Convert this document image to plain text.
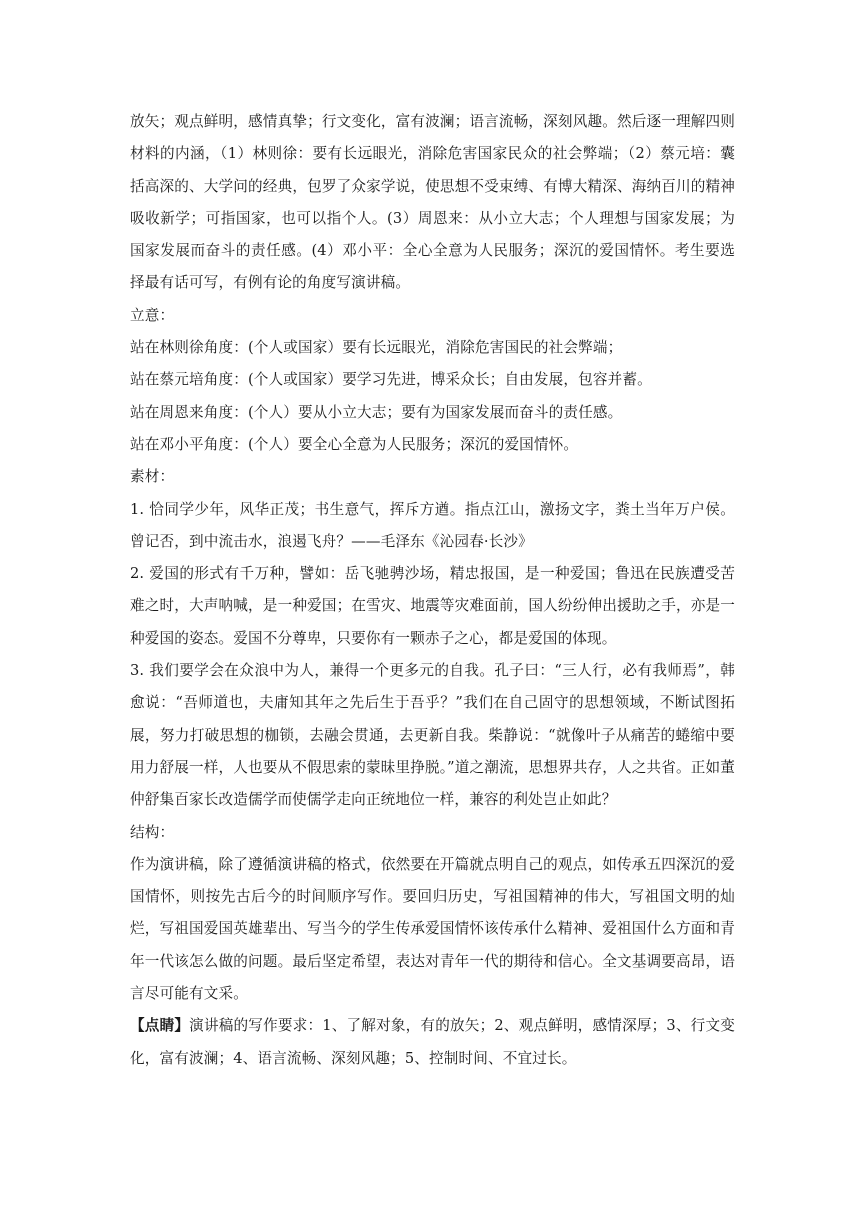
放矢；观点鲜明，感情真挚；行文变化，富有波澜；语言流畅，深刻风趣。然后逐一理解四则材料的内涵，（1）林则徐：要有长远眼光，消除危害国家民众的社会弊端；（2）蔡元培：囊括高深的、大学问的经典，包罗了众家学说，使思想不受束缚、有博大精深、海纳百川的精神吸收新学；可指国家，也可以指个人。(3）周恩来：从小立大志；个人理想与国家发展；为国家发展而奋斗的责任感。(4）邓小平：全心全意为人民服务；深沉的爱国情怀。考生要选择最有话可写，有例有论的角度写演讲稿。

立意：

站在林则徐角度：(个人或国家）要有长远眼光，消除危害国民的社会弊端；

站在蔡元培角度：(个人或国家）要学习先进，博采众长；自由发展，包容并蓄。

站在周恩来角度：(个人）要从小立大志；要有为国家发展而奋斗的责任感。

站在邓小平角度：(个人）要全心全意为人民服务；深沉的爱国情怀。

素材：

1. 恰同学少年，风华正茂；书生意气，挥斥方遒。指点江山，激扬文字，粪土当年万户侯。曾记否，到中流击水，浪遏飞舟？——毛泽东《沁园春·长沙》

2. 爱国的形式有千万种，譬如：岳飞驰骋沙场，精忠报国，是一种爱国；鲁迅在民族遭受苦难之时，大声呐喊，是一种爱国；在雪灾、地震等灾难面前，国人纷纷伸出援助之手，亦是一种爱国的姿态。爱国不分尊卑，只要你有一颗赤子之心，都是爱国的体现。

3. 我们要学会在众浪中为人，兼得一个更多元的自我。孔子曰：“三人行，必有我师焉”，韩愈说：“吾师道也，夫庸知其年之先后生于吾乎？”我们在自己固守的思想领域，不断试图拓展，努力打破思想的枷锁，去融会贯通，去更新自我。柴静说：“就像叶子从痛苦的蜷缩中要用力舒展一样，人也要从不假思索的蒙昧里挣脱。”道之潮流，思想界共存，人之共省。正如董仲舒集百家长改造儒学而使儒学走向正统地位一样，兼容的利处岂止如此？

结构：

作为演讲稿，除了遵循演讲稿的格式，依然要在开篇就点明自己的观点，如传承五四深沉的爱国情怀，则按先古后今的时间顺序写作。要回归历史，写祖国精神的伟大，写祖国文明的灿烂，写祖国爱国英雄辈出、写当今的学生传承爱国情怀该传承什么精神、爱祖国什么方面和青年一代该怎么做的问题。最后坚定希望，表达对青年一代的期待和信心。全文基调要高昂，语言尽可能有文采。

【点睛】演讲稿的写作要求：1、了解对象，有的放矢；2、观点鲜明，感情深厚；3、行文变化，富有波澜；4、语言流畅、深刻风趣；5、控制时间、不宜过长。
